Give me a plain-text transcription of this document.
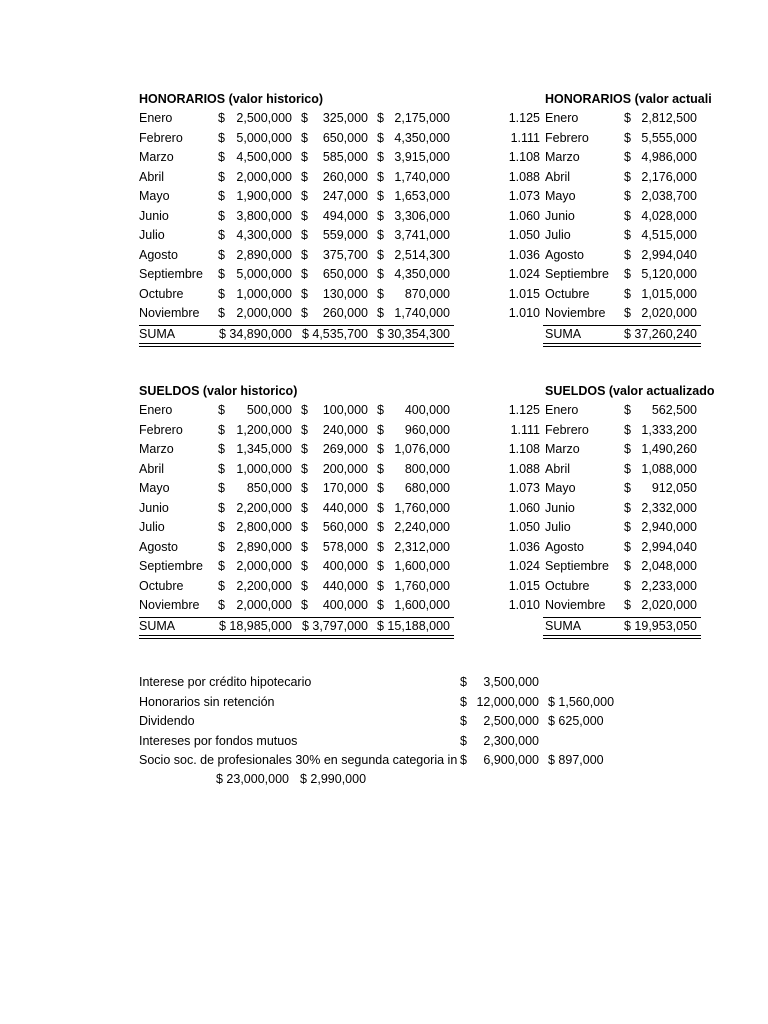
HONORARIOS (valor historico)
Enero	$ 2,500,000 $	325,000 $ 2,175,000
Febrero	$ 5,000,000 $	650,000 $ 4,350,000
Marzo	$ 4,500,000 $	585,000 $ 3,915,000
Abril	$ 2,000,000 $	260,000 $ 1,740,000
Mayo	$ 1,900,000 $	247,000 $ 1,653,000
Junio	$ 3,800,000 $	494,000 $ 3,306,000
Julio	$ 4,300,000 $	559,000 $ 3,741,000
Agosto	$ 2,890,000 $	375,700 $ 2,514,300
Septiembre $ 5,000,000 $	650,000 $ 4,350,000
Octubre	$ 1,000,000 $	130,000 $	870,000
Noviembre $ 2,000,000 $	260,000 $ 1,740,000
SUMA	$ 34,890,000 $ 4,535,700 $ 30,354,300
HONORARIOS (valor actuali
1.125 Enero	$ 2,812,500
1.111 Febrero	$ 5,555,000
1.108 Marzo	$ 4,986,000
1.088 Abril	$ 2,176,000
1.073 Mayo	$ 2,038,700
1.060 Junio	$ 4,028,000
1.050 Julio	$ 4,515,000
1.036 Agosto	$ 2,994,040
1.024 Septiembre $ 5,120,000
1.015 Octubre	$ 1,015,000
1.010 Noviembre $ 2,020,000
SUMA	$ 37,260,240
SUELDOS (valor historico)
Enero	$	500,000 $	100,000 $	400,000
Febrero	$ 1,200,000 $	240,000 $	960,000
Marzo	$ 1,345,000 $	269,000 $ 1,076,000
Abril	$ 1,000,000 $	200,000 $	800,000
Mayo	$	850,000 $	170,000 $	680,000
Junio	$ 2,200,000 $	440,000 $ 1,760,000
Julio	$ 2,800,000 $	560,000 $ 2,240,000
Agosto	$ 2,890,000 $	578,000 $ 2,312,000
Septiembre $ 2,000,000 $	400,000 $ 1,600,000
Octubre	$ 2,200,000 $	440,000 $ 1,760,000
Noviembre $ 2,000,000 $	400,000 $ 1,600,000
SUMA	$ 18,985,000 $ 3,797,000 $ 15,188,000
SUELDOS (valor actualizado
1.125 Enero	$	562,500
1.111 Febrero	$ 1,333,200
1.108 Marzo	$ 1,490,260
1.088 Abril	$ 1,088,000
1.073 Mayo	$	912,050
1.060 Junio	$ 2,332,000
1.050 Julio	$ 2,940,000
1.036 Agosto	$ 2,994,040
1.024 Septiembre $ 2,048,000
1.015 Octubre	$ 2,233,000
1.010 Noviembre $ 2,020,000
SUMA	$ 19,953,050
Interese por crédito hipotecario	$	3,500,000
Honorarios sin retención	$ 12,000,000 $ 1,560,000
Dividendo	$	2,500,000 $ 625,000
Intereses por fondos mutuos	$	2,300,000
Socio soc. de profesionales 30% en segunda categoria in $	6,900,000 $ 897,000
$ 23,000,000 $ 2,990,000
